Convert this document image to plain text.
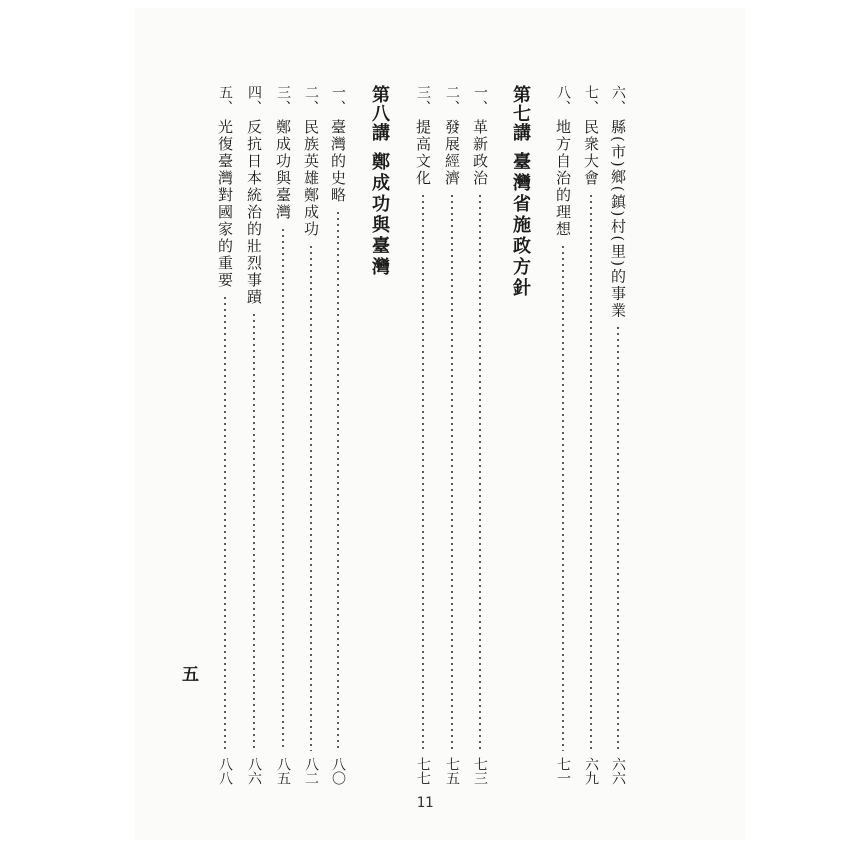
六、
縣(市)鄉(鎮)村(里)的事業
六六
七、
民衆大會
六九
八、
地方自治的理想
七一
第七講
臺灣省施政方針
一、
革新政治
七三
二、
發展經濟
七五
三、
提高文化
七七
第八講
鄭成功與臺灣
一、
臺灣的史略
八〇
二、
民族英雄鄭成功
八二
三、
鄭成功與臺灣
八五
四、
反抗日本統治的壯烈事蹟
八六
五、
光復臺灣對國家的重要
八八
五
11
